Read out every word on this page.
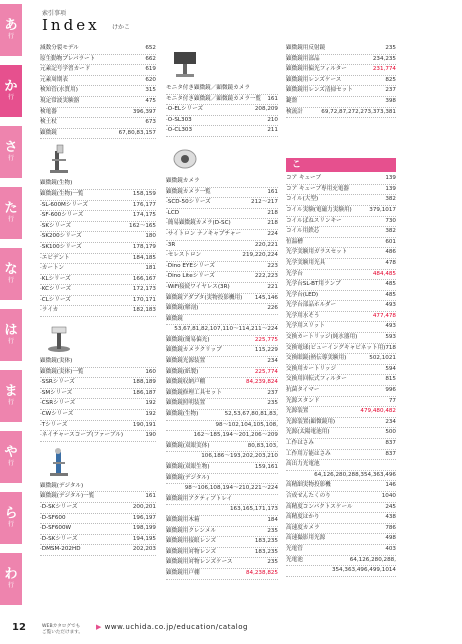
あ
行
か
行
さ
行
た
行
な
行
は
行
ま
行
や
行
ら
行
わ
行
索引事項
Index けかこ
減数分裂モデル	652
原生動物プレパラート	662
元素記号学習カード	619
元素周期表	620
検知管(水質用)	315
現定常波実験器	475
検電器	396,397
検土杖	673
顕微鏡	67,80,83,157
顕微鏡(生物)
顕微鏡(生物)一覧	158,159
·SL-600Mシリーズ	176,177
·SF-600シリーズ	174,175
·SKシリーズ	162〜165
·SK200シリーズ	180
·SK100シリーズ	178,179
·エビデント	184,185
·カートン	181
·KLシリーズ	166,167
·KCシリーズ	172,173
·CLシリーズ	170,171
·ライカ	182,183
顕微鏡(実体)
顕微鏡(実体)一覧	160
·SSRシリーズ	188,189
·SMシリーズ	186,187
·CSRシリーズ	192
·CWシリーズ	192
·Tシリーズ	190,191
·ネイチャースコープ(ファーブル)	190
顕微鏡(デジタル)
顕微鏡(デジタル)一覧	161
·D-SKシリーズ	200,201
·D-SF600	196,197
·D-SF600W	198,199
·D-SKシリーズ	194,195
·DMSM-202HD	202,203
モニタ付き顕微鏡／顕微鏡カメラ
モニタ付き顕微鏡／顕微鏡カメラ一覧 161
·O-ELシリーズ	208,209
·O-SL303	210
·O-CL303	211
顕微鏡カメラ
顕微鏡カメラ一覧	161
·SCD-50シリーズ	212〜217
·LCD	218
·簡易顕微鏡カメラ(D-SC)	218
·サイトロン ナノキャプチャー	224
·3R	220,221
·セレストロン	219,220,224
·Dino EYEシリーズ	223
·Dino Liteシリーズ	222,223
·WiFi接続ワイヤレス(3R)	221
顕微鏡アダプタ(実物投影機用) 145,146
顕微鏡(解剖)	226
顕微鏡
53,67,81,82,107,110〜114,211〜224
顕微鏡(簡易偏光)	225,775
顕微鏡カメラクリップ	115,229
顕微鏡光源装置	234
顕微鏡(紙製)	225,774
顕微鏡収納戸棚	84,239,824
顕微鏡修理工具セット	237
顕微鏡照明装置	235
顕微鏡(生物)	52,53,67,80,81,83,
98〜102,104,105,108,
162〜185,194〜201,206〜209
顕微鏡(双眼実体)	80,83,103,
106,186〜193,202,203,210
顕微鏡(双眼生物)	159,161
顕微鏡(デジタル)
98〜106,108,194〜210,221〜224
顕微鏡用アクティブトレイ
163,165,171,173
顕微鏡用木箱	184
顕微鏡用クレンメル	235
顕微鏡用接眼レンズ	183,235
顕微鏡用対物レンズ	183,235
顕微鏡用対物レンズケース	235
顕微鏡用戸棚	84,238,825
顕微鏡用反射鏡	235
顕微鏡用部品	234,235
顕微鏡用偏光フィルター	231,774
顕微鏡用レンズケース	825
顕微鏡用レンズ清掃セット	237
鍵盤	398
検流計	69,72,87,272,273,373,381
こ
コア キューブ	139
コア キューブ専用充電器	139
コイル(大型)	382
コイル実験(電磁力実験用)	379,1017
コイルばねスリンキー	730
コイル用鉄芯	382
恒温槽	601
光学実験用ガラスセット	486
光学実験用光具	478
光学台	484,485
光学台SL-BT用ランプ	485
光学台(LED)	485
光学台部品ホルダー	493
光学用水そう	477,478
光学用スリット	493
交換カートリッジ(純水器用)	593
交換電球(ビューイングキャビネット用) 718
交換眼鏡(熱伝導実験用)	502,1021
交換用カートリッジ	594
交換用回転式フィルター	815
抗菌タイマー	996
光源スタンド	77
光源装置	479,480,482
光源装置(顕微鏡用)	234
光源(太陽電池用)	500
工作はさみ	837
工作用万能はさみ	837
高出力光電池
64,126,280,288,354,363,496
高精細実物投影機	146
合成せんたくのり	1040
高精度コンパクトスケール	245
高精度はかり	438
高速度カメラ	786
高速撮影用光源	498
光電管	403
光電池	64,126,280,288,
354,363,496,499,1014
12	WEBカタログでも
ご覧いただけます。
▶ www.uchida.co.jp/education/catalog
